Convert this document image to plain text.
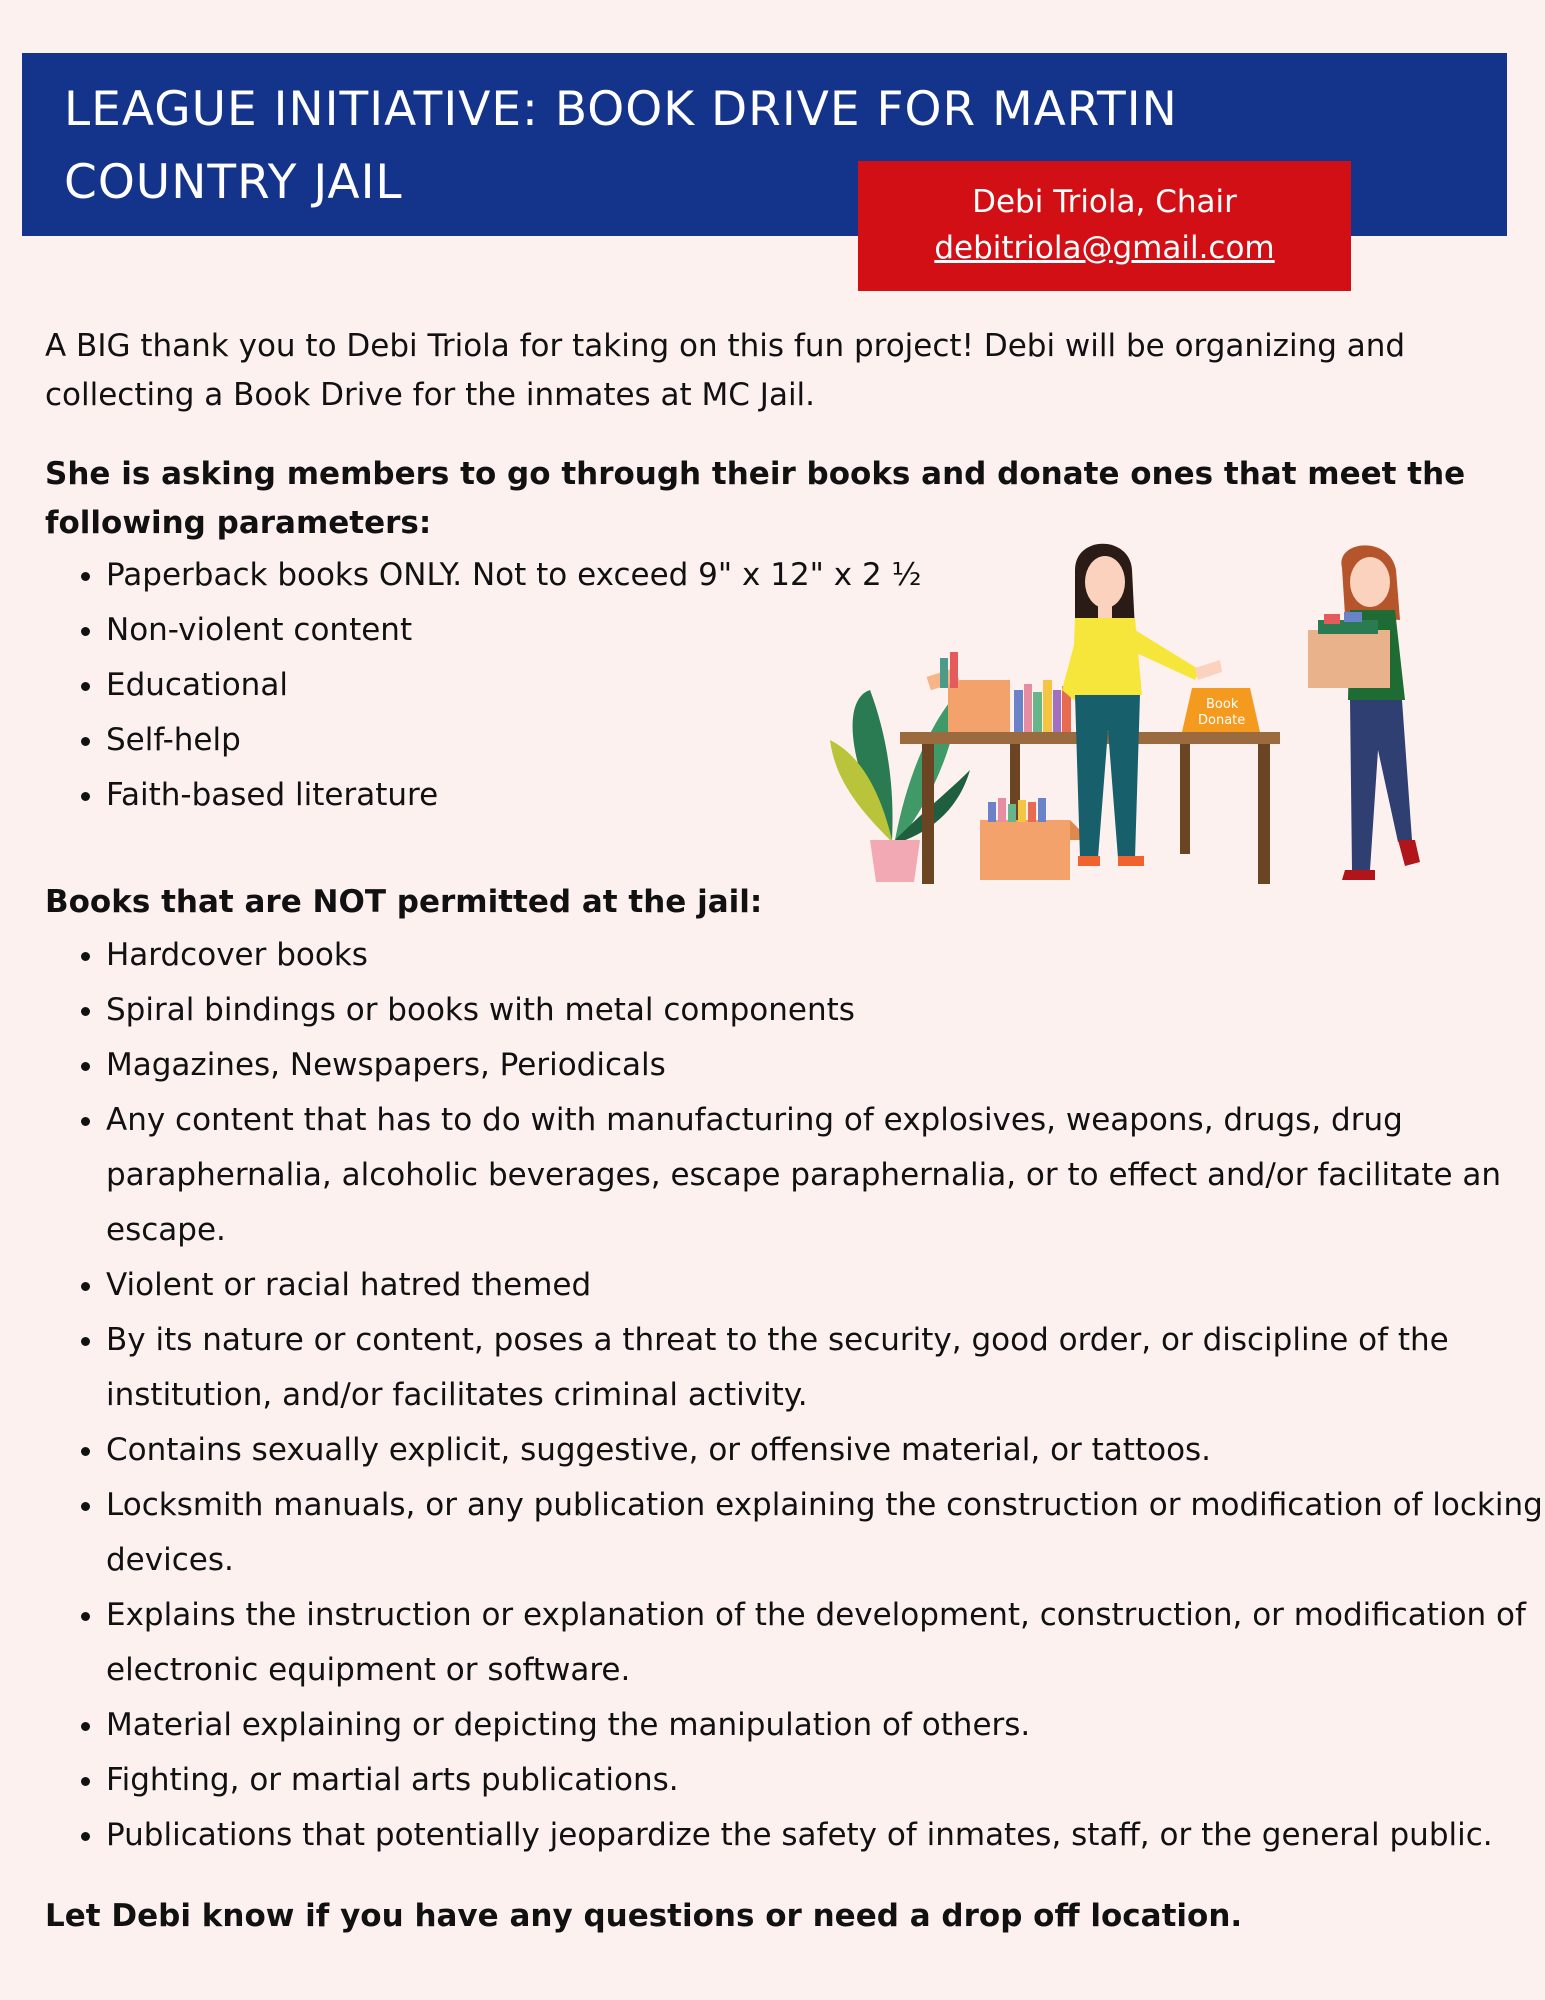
LEAGUE INITIATIVE: BOOK DRIVE FOR MARTIN COUNTRY JAIL	Debi Triola, Chair
debitriola@gmail.com

A BIG thank you to Debi Triola for taking on this fun project! Debi will be organizing and collecting a Book Drive for the inmates at MC Jail.

She is asking members to go through their books and donate ones that meet the following parameters:

• Paperback books ONLY. Not to exceed 9" x 12" x 2 ½
• Non-violent content
• Educational
• Self-help
• Faith-based literature
Book
Donate

Books that are NOT permitted at the jail:

• Hardcover books
• Spiral bindings or books with metal components
• Magazines, Newspapers, Periodicals
• Any content that has to do with manufacturing of explosives, weapons, drugs, drug paraphernalia, alcoholic beverages, escape paraphernalia, or to effect and/or facilitate an escape.
• Violent or racial hatred themed
• By its nature or content, poses a threat to the security, good order, or discipline of the institution, and/or facilitates criminal activity.
• Contains sexually explicit, suggestive, or offensive material, or tattoos.
• Locksmith manuals, or any publication explaining the construction or modification of locking devices.
• Explains the instruction or explanation of the development, construction, or modification of electronic equipment or software.
• Material explaining or depicting the manipulation of others.
• Fighting, or martial arts publications.
• Publications that potentially jeopardize the safety of inmates, staff, or the general public.

Let Debi know if you have any questions or need a drop off location.
